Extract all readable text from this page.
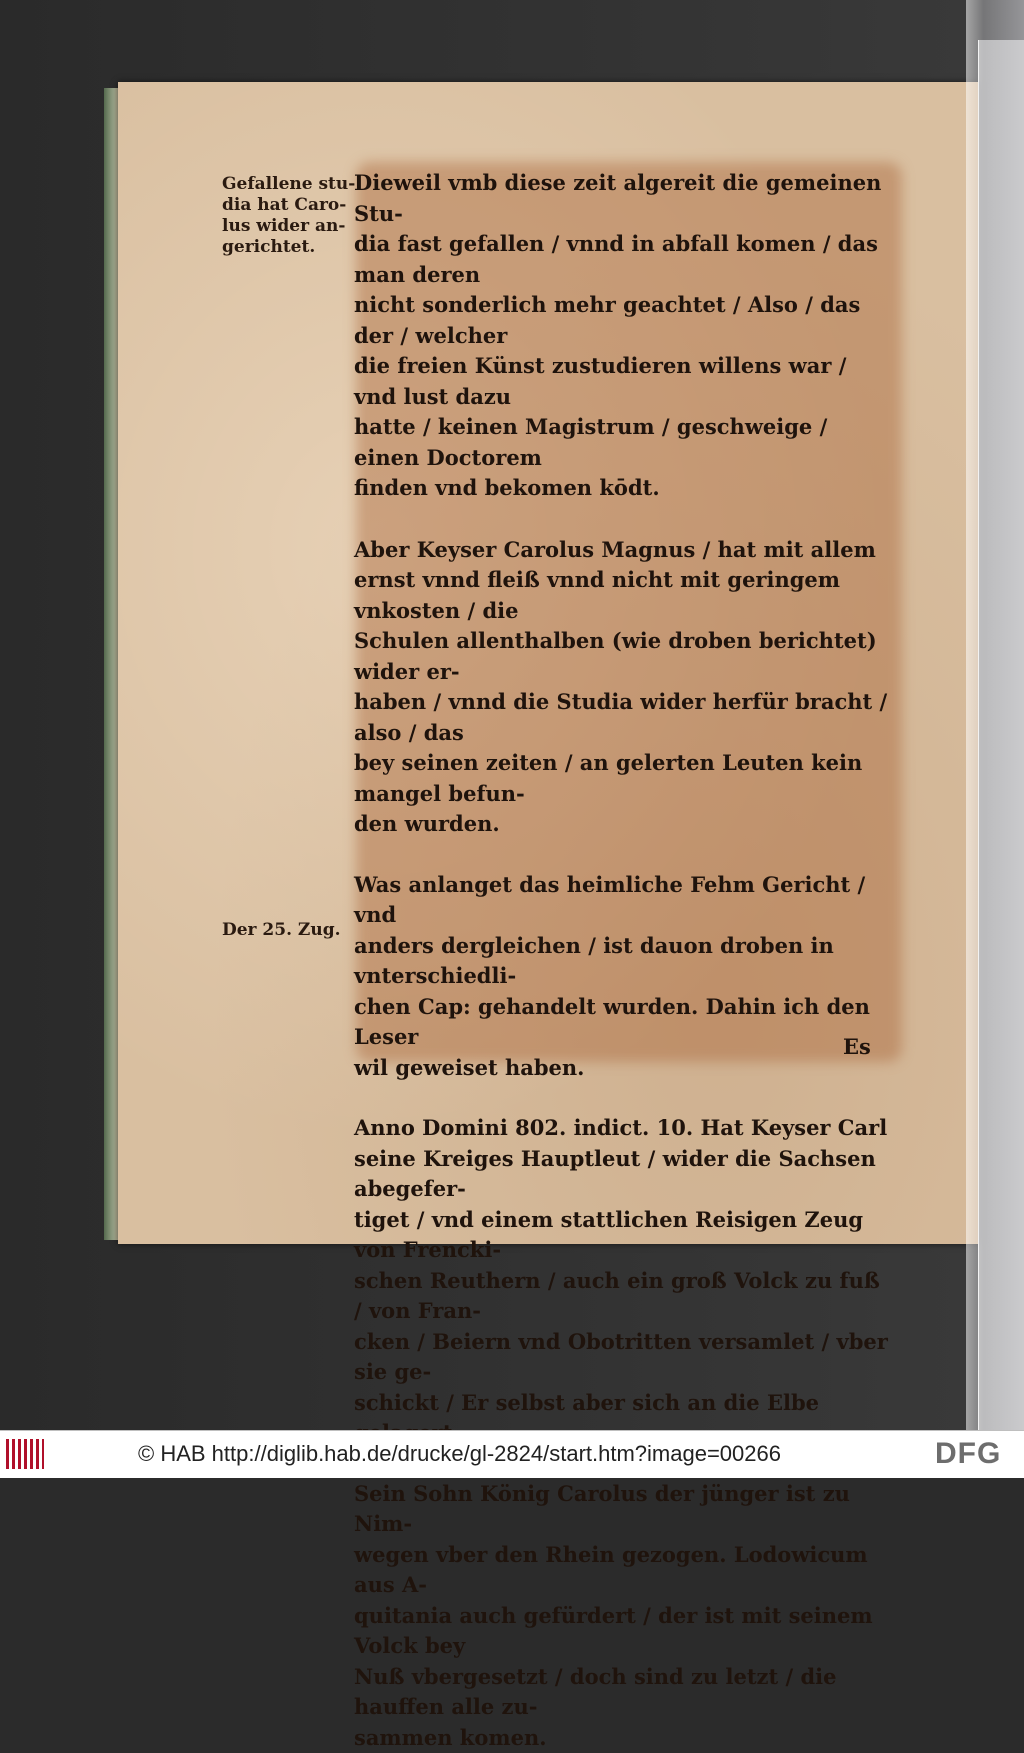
Gefallene stu-
dia hat Caro-
lus wider an-
gerichtet.
Der 25. Zug.

Dieweil vmb diese zeit algereit die gemeinen Stu-
dia fast gefallen / vnnd in abfall komen / das man deren
nicht sonderlich mehr geachtet / Also / das der / welcher
die freien Künst zustudieren willens war / vnd lust dazu
hatte / keinen Magistrum / geschweige / einen Doctorem
finden vnd bekomen kōdt.

Aber Keyser Carolus Magnus / hat mit allem
ernst vnnd fleiß vnnd nicht mit geringem vnkosten / die
Schulen allenthalben (wie droben berichtet) wider er-
haben / vnnd die Studia wider herfür bracht / also / das
bey seinen zeiten / an gelerten Leuten kein mangel befun-
den wurden.

Was anlanget das heimliche Fehm Gericht / vnd
anders dergleichen / ist dauon droben in vnterschiedli-
chen Cap: gehandelt wurden. Dahin ich den Leser
wil geweiset haben.

Anno Domini 802. indict. 10. Hat Keyser Carl
seine Kreiges Hauptleut / wider die Sachsen abegefer-
tiget / vnd einem stattlichen Reisigen Zeug von Frencki-
schen Reuthern / auch ein groß Volck zu fuß / von Fran-
cken / Beiern vnd Obotritten versamlet / vber sie ge-
schickt / Er selbst aber sich an die Elbe

Sein Sohn König Carolus der jünger ist zu Nim-
wegen vber den Rhein gezogen. Lodowicum aus A-
quitania auch gefürdert / der ist mit seinem Volck bey
Nuß vbergesetzt / doch sind zu letzt / die hauffen alle zu-
sammen komen.

Es
© HAB http://diglib.hab.de/drucke/gl-2824/start.htm?image=00266	DFG
